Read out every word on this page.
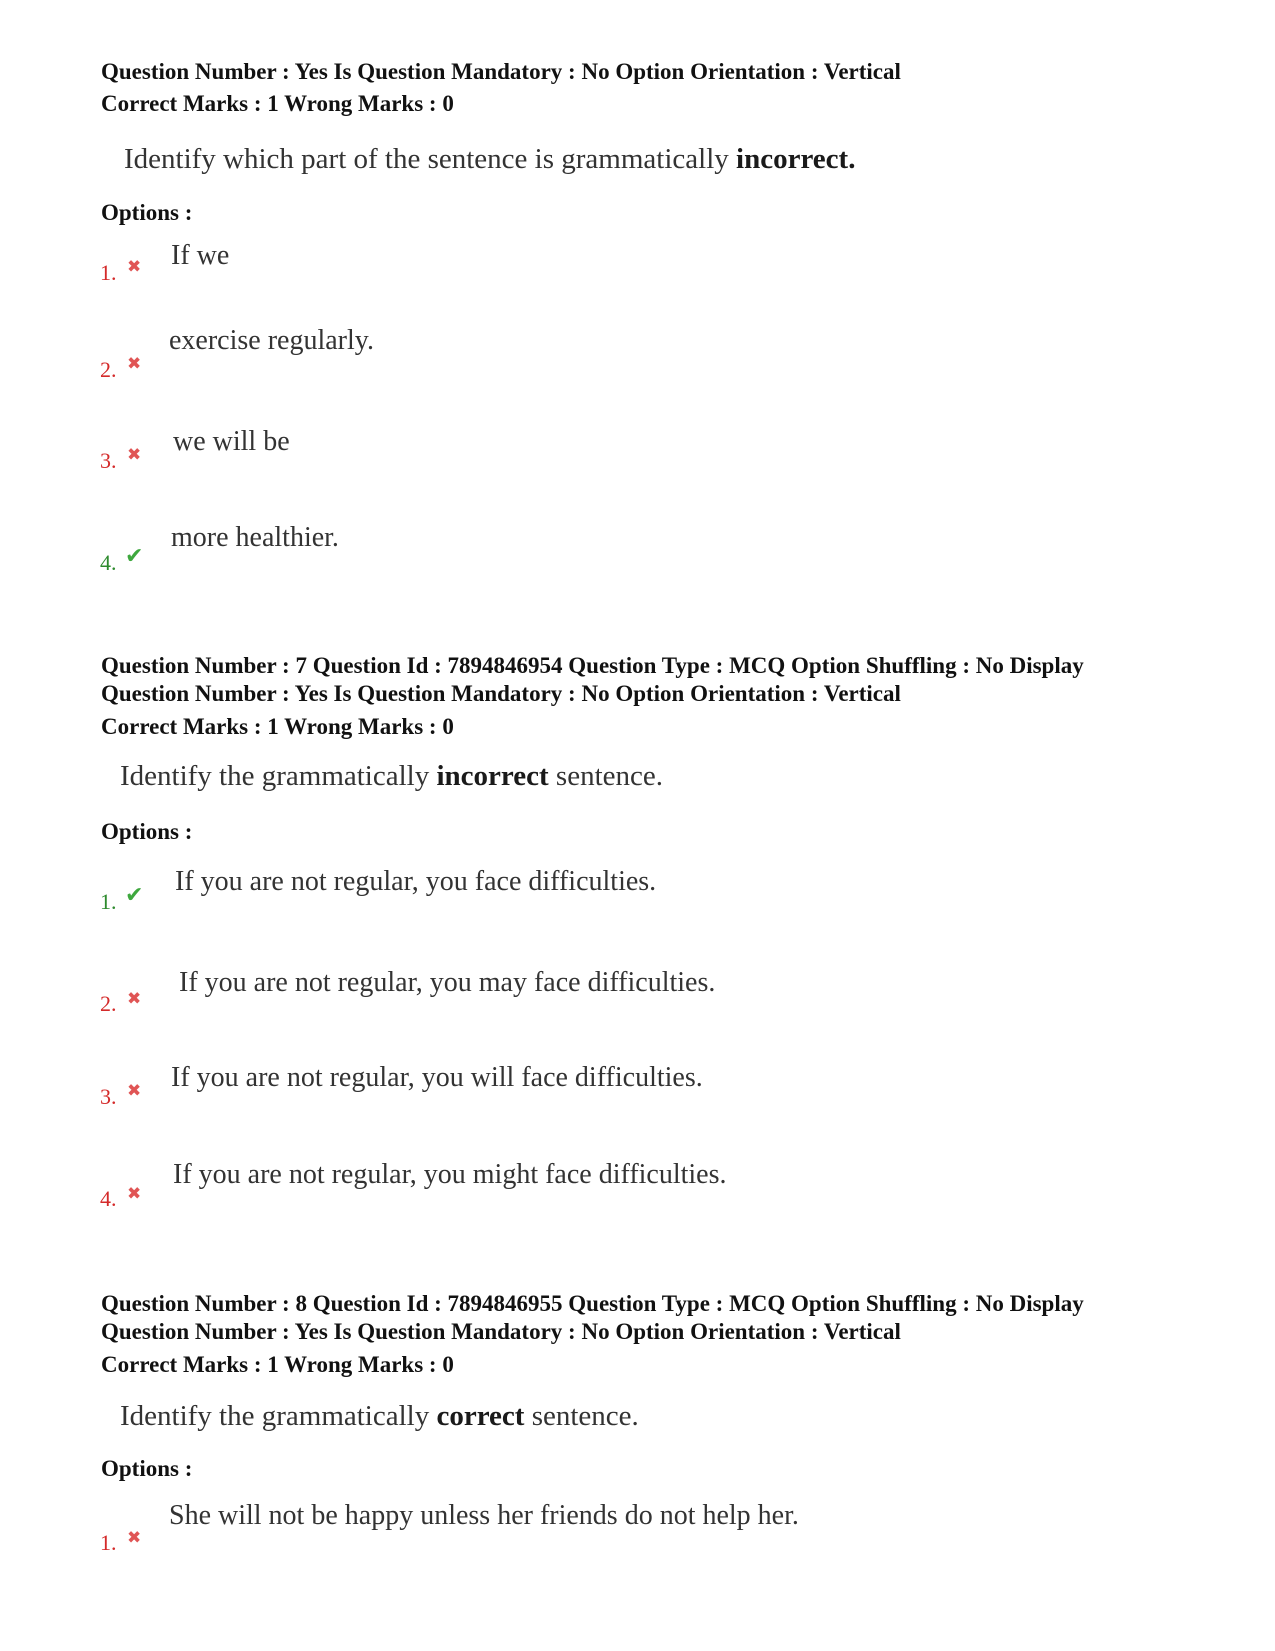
Question Number : Yes Is Question Mandatory : No Option Orientation : Vertical
Correct Marks : 1 Wrong Marks : 0
Identify which part of the sentence is grammatically incorrect.
Options :
1. ✖ If we
2. ✖
exercise regularly.
3. ✖ we will be
4. ✔
more healthier.
Question Number : 7 Question Id : 7894846954 Question Type : MCQ Option Shuffling : No Display
Question Number : Yes Is Question Mandatory : No Option Orientation : Vertical
Correct Marks : 1 Wrong Marks : 0
Identify the grammatically incorrect sentence.
Options :
1. ✔ If you are not regular, you face difficulties.
2. ✖
If you are not regular, you may face difficulties.
3. ✖ If you are not regular, you will face difficulties.
4. ✖
If you are not regular, you might face difficulties.
Question Number : 8 Question Id : 7894846955 Question Type : MCQ Option Shuffling : No Display
Question Number : Yes Is Question Mandatory : No Option Orientation : Vertical
Correct Marks : 1 Wrong Marks : 0
Identify the grammatically correct sentence.
Options :
1. ✖
She will not be happy unless her friends do not help her.
